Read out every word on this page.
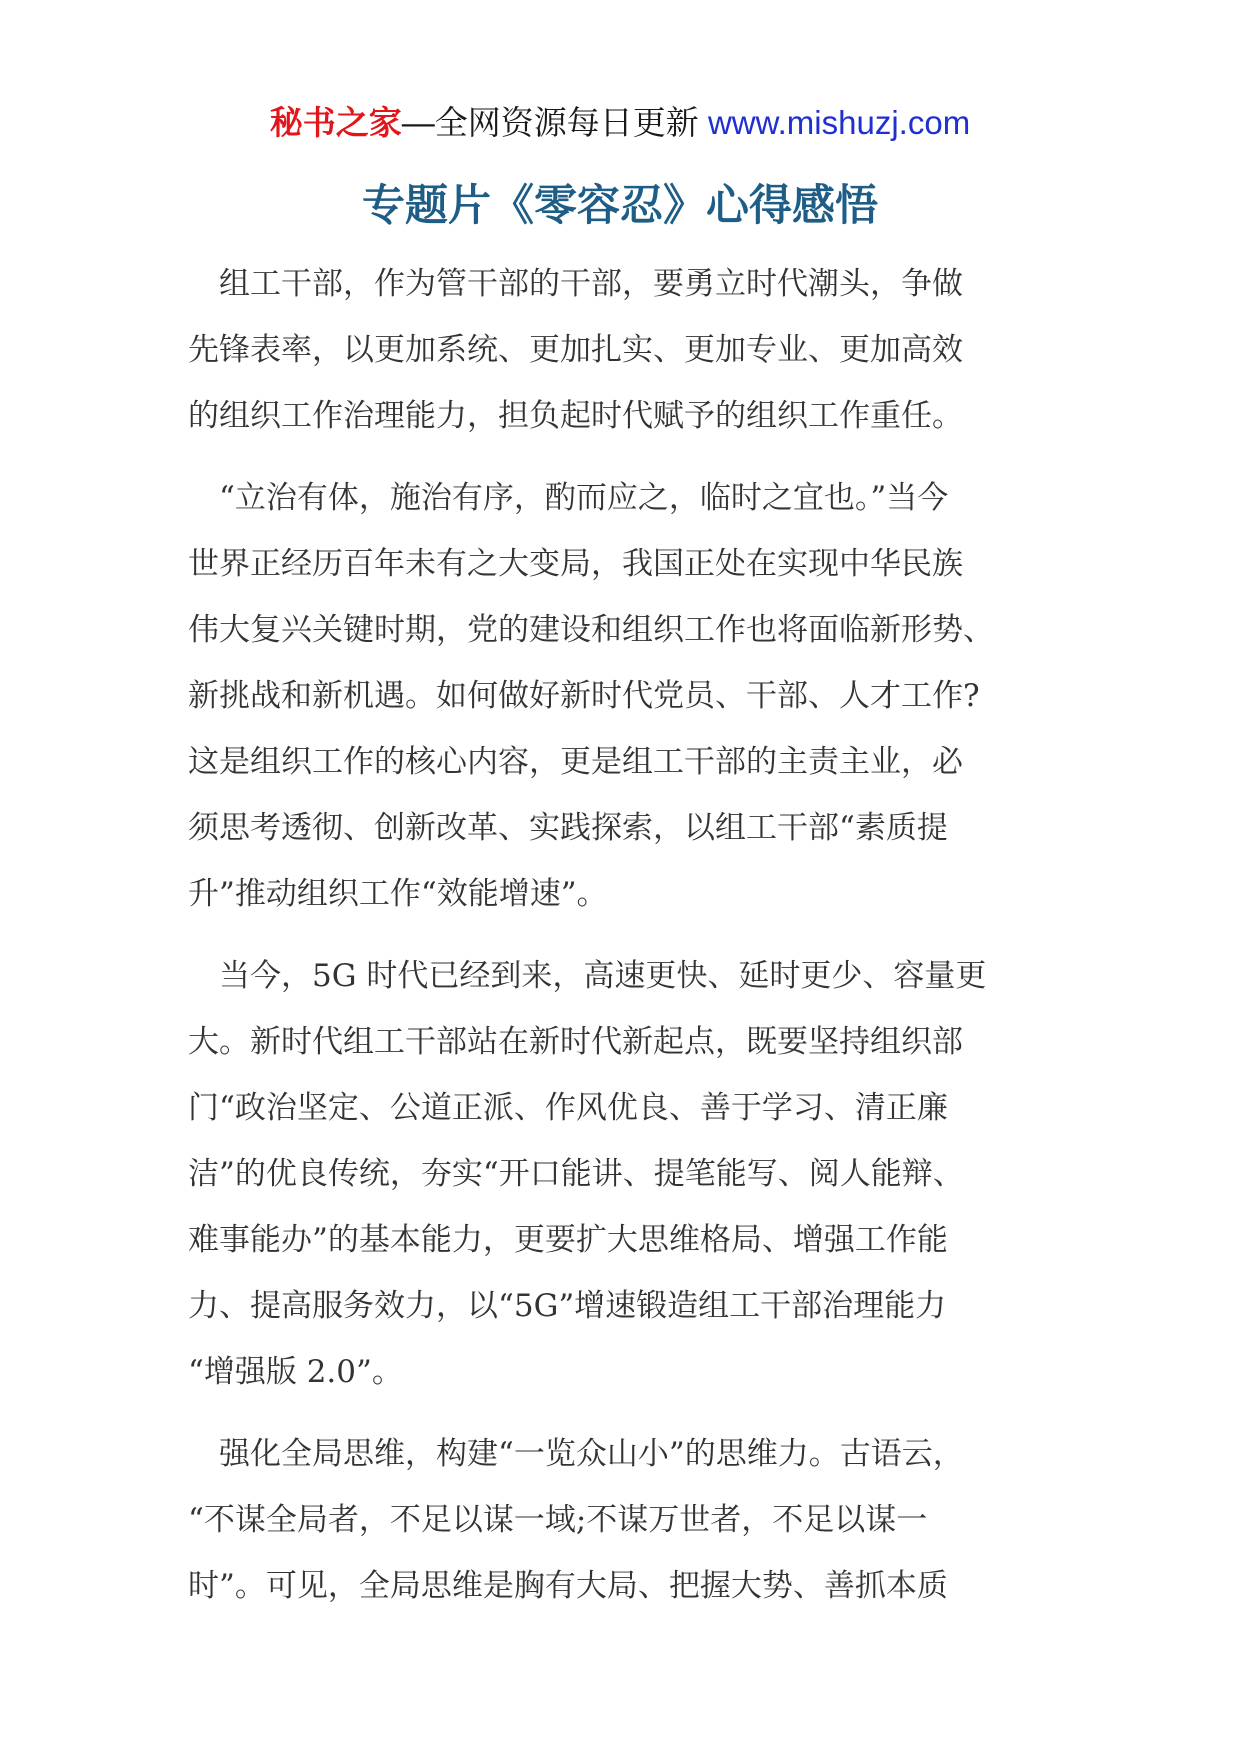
秘书之家—全网资源每日更新 www.mishuzj.com
专题片《零容忍》心得感悟
　组工干部，作为管干部的干部，要勇立时代潮头，争做
先锋表率，以更加系统、更加扎实、更加专业、更加高效
的组织工作治理能力，担负起时代赋予的组织工作重任。
　“立治有体，施治有序，酌而应之，临时之宜也。”当今
世界正经历百年未有之大变局，我国正处在实现中华民族
伟大复兴关键时期，党的建设和组织工作也将面临新形势、
新挑战和新机遇。如何做好新时代党员、干部、人才工作?
这是组织工作的核心内容，更是组工干部的主责主业，必
须思考透彻、创新改革、实践探索，以组工干部“素质提
升”推动组织工作“效能增速”。
　当今，5G 时代已经到来，高速更快、延时更少、容量更
大。新时代组工干部站在新时代新起点，既要坚持组织部
门“政治坚定、公道正派、作风优良、善于学习、清正廉
洁”的优良传统，夯实“开口能讲、提笔能写、阅人能辩、
难事能办”的基本能力，更要扩大思维格局、增强工作能
力、提高服务效力，以“5G”增速锻造组工干部治理能力
“增强版 2.0”。
　强化全局思维，构建“一览众山小”的思维力。古语云，
“不谋全局者，不足以谋一域;不谋万世者，不足以谋一
时”。可见，全局思维是胸有大局、把握大势、善抓本质
